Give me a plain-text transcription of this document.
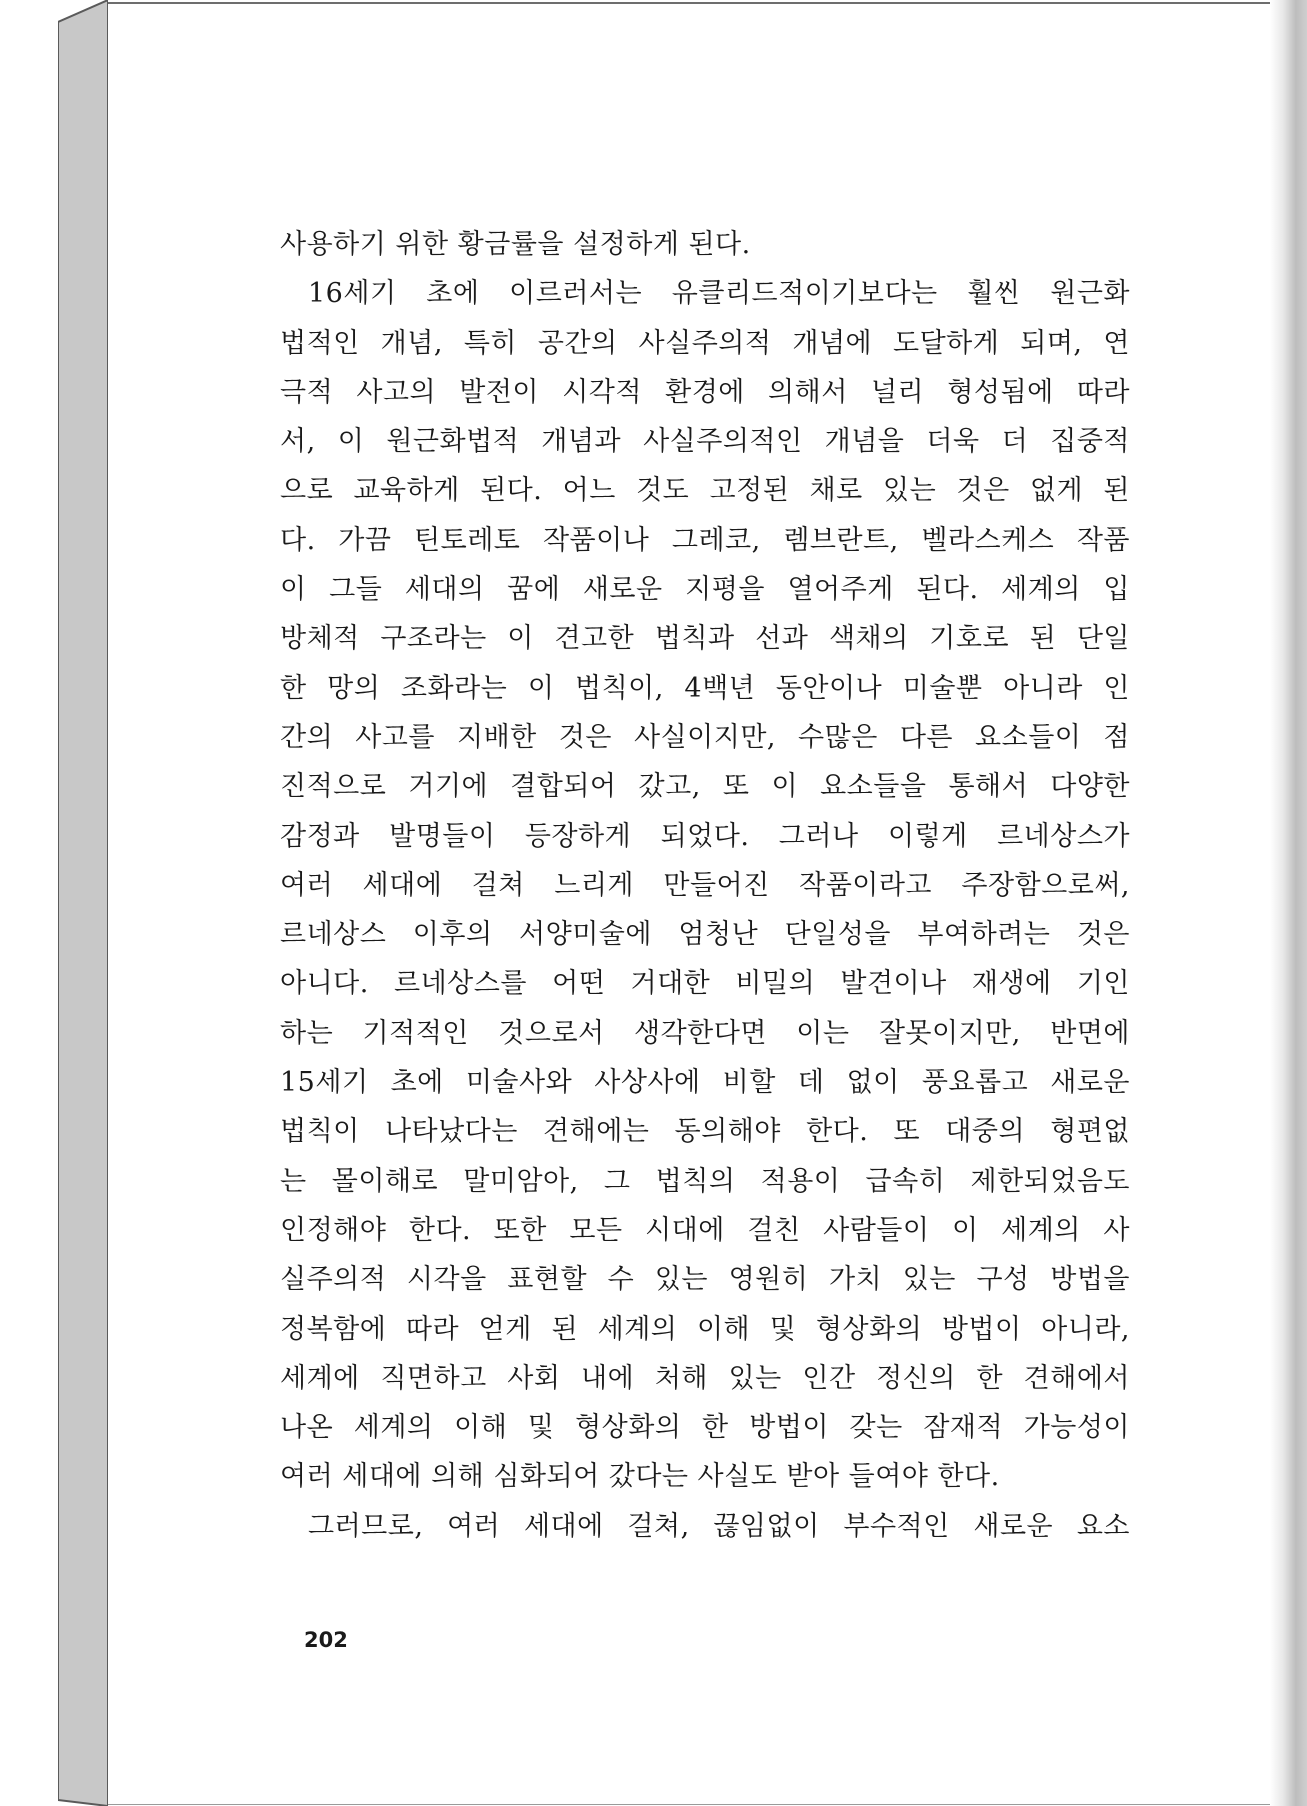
사용하기 위한 황금률을 설정하게 된다.
16세기 초에 이르러서는 유클리드적이기보다는 훨씬 원근화
법적인 개념, 특히 공간의 사실주의적 개념에 도달하게 되며, 연
극적 사고의 발전이 시각적 환경에 의해서 널리 형성됨에 따라
서, 이 원근화법적 개념과 사실주의적인 개념을 더욱 더 집중적
으로 교육하게 된다. 어느 것도 고정된 채로 있는 것은 없게 된
다. 가끔 틴토레토 작품이나 그레코, 렘브란트, 벨라스케스 작품
이 그들 세대의 꿈에 새로운 지평을 열어주게 된다. 세계의 입
방체적 구조라는 이 견고한 법칙과 선과 색채의 기호로 된 단일
한 망의 조화라는 이 법칙이, 4백년 동안이나 미술뿐 아니라 인
간의 사고를 지배한 것은 사실이지만, 수많은 다른 요소들이 점
진적으로 거기에 결합되어 갔고, 또 이 요소들을 통해서 다양한
감정과 발명들이 등장하게 되었다. 그러나 이렇게 르네상스가
여러 세대에 걸쳐 느리게 만들어진 작품이라고 주장함으로써,
르네상스 이후의 서양미술에 엄청난 단일성을 부여하려는 것은
아니다. 르네상스를 어떤 거대한 비밀의 발견이나 재생에 기인
하는 기적적인 것으로서 생각한다면 이는 잘못이지만, 반면에
15세기 초에 미술사와 사상사에 비할 데 없이 풍요롭고 새로운
법칙이 나타났다는 견해에는 동의해야 한다. 또 대중의 형편없
는 몰이해로 말미암아, 그 법칙의 적용이 급속히 제한되었음도
인정해야 한다. 또한 모든 시대에 걸친 사람들이 이 세계의 사
실주의적 시각을 표현할 수 있는 영원히 가치 있는 구성 방법을
정복함에 따라 얻게 된 세계의 이해 및 형상화의 방법이 아니라,
세계에 직면하고 사회 내에 처해 있는 인간 정신의 한 견해에서
나온 세계의 이해 및 형상화의 한 방법이 갖는 잠재적 가능성이
여러 세대에 의해 심화되어 갔다는 사실도 받아 들여야 한다.
그러므로, 여러 세대에 걸쳐, 끊임없이 부수적인 새로운 요소
202
